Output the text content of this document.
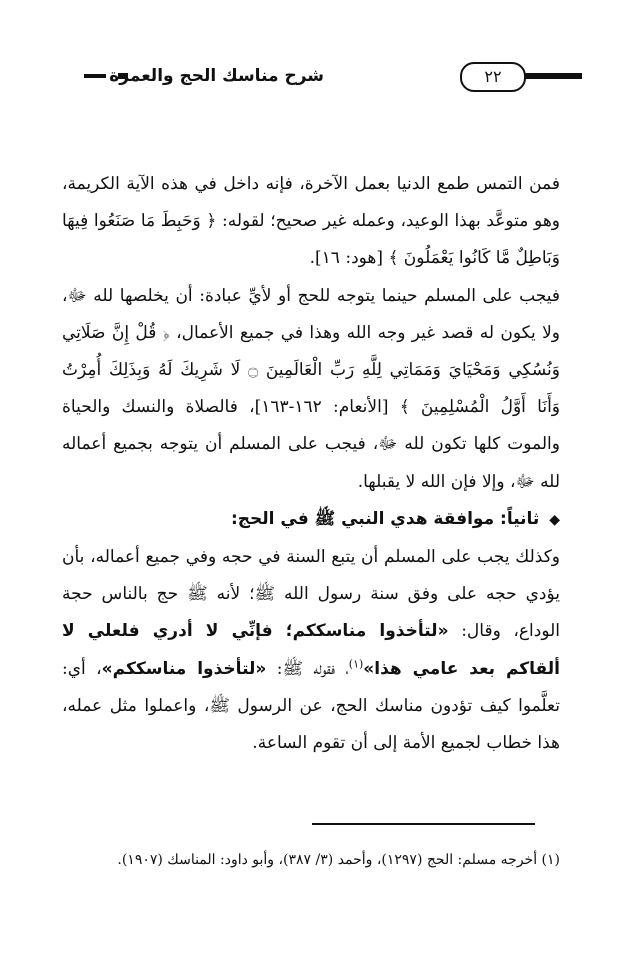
شرح مناسك الحج والعمرة	٢٢

فمن التمس طمع الدنيا بعمل الآخرة، فإنه داخل في هذه الآية الكريمة، وهو متوعَّد بهذا الوعيد، وعمله غير صحيح؛ لقوله: ﴿ وَحَبِطَ مَا صَنَعُوا فِيهَا وَبَاطِلٌ مَّا كَانُوا يَعْمَلُونَ ﴾ [هود: ١٦].

فيجب على المسلم حينما يتوجه للحج أو لأيِّ عبادة: أن يخلصها لله ﷻ، ولا يكون له قصد غير وجه الله وهذا في جميع الأعمال، ﴿ قُلْ إِنَّ صَلَاتِي وَنُسُكِي وَمَحْيَايَ وَمَمَاتِي لِلَّهِ رَبِّ الْعَالَمِينَ ۝ لَا شَرِيكَ لَهُ وَبِذَلِكَ أُمِرْتُ وَأَنَا أَوَّلُ الْمُسْلِمِينَ ﴾ [الأنعام: ١٦٢-١٦٣]، فالصلاة والنسك والحياة والموت كلها تكون لله ﷻ، فيجب على المسلم أن يتوجه بجميع أعماله لله ﷻ، وإلا فإن الله لا يقبلها.

◆ ثانياً: موافقة هدي النبي ﷺ في الحج:

وكذلك يجب على المسلم أن يتبع السنة في حجه وفي جميع أعماله، بأن يؤدي حجه على وفق سنة رسول الله ﷺ؛ لأنه ﷺ حج بالناس حجة الوداع، وقال: «لتأخذوا مناسككم؛ فإنِّي لا أدري فلعلي لا ألقاكم بعد عامي هذا»$^{(١)}$، فقوله ﷺ: «لتأخذوا مناسككم»، أي: تعلَّموا كيف تؤدون مناسك الحج، عن الرسول ﷺ، واعملوا مثل عمله، هذا خطاب لجميع الأمة إلى أن تقوم الساعة.

(١) أخرجه مسلم: الحج (١٢٩٧)، وأحمد (٣/ ٣٨٧)، وأبو داود: المناسك (١٩٠٧).
